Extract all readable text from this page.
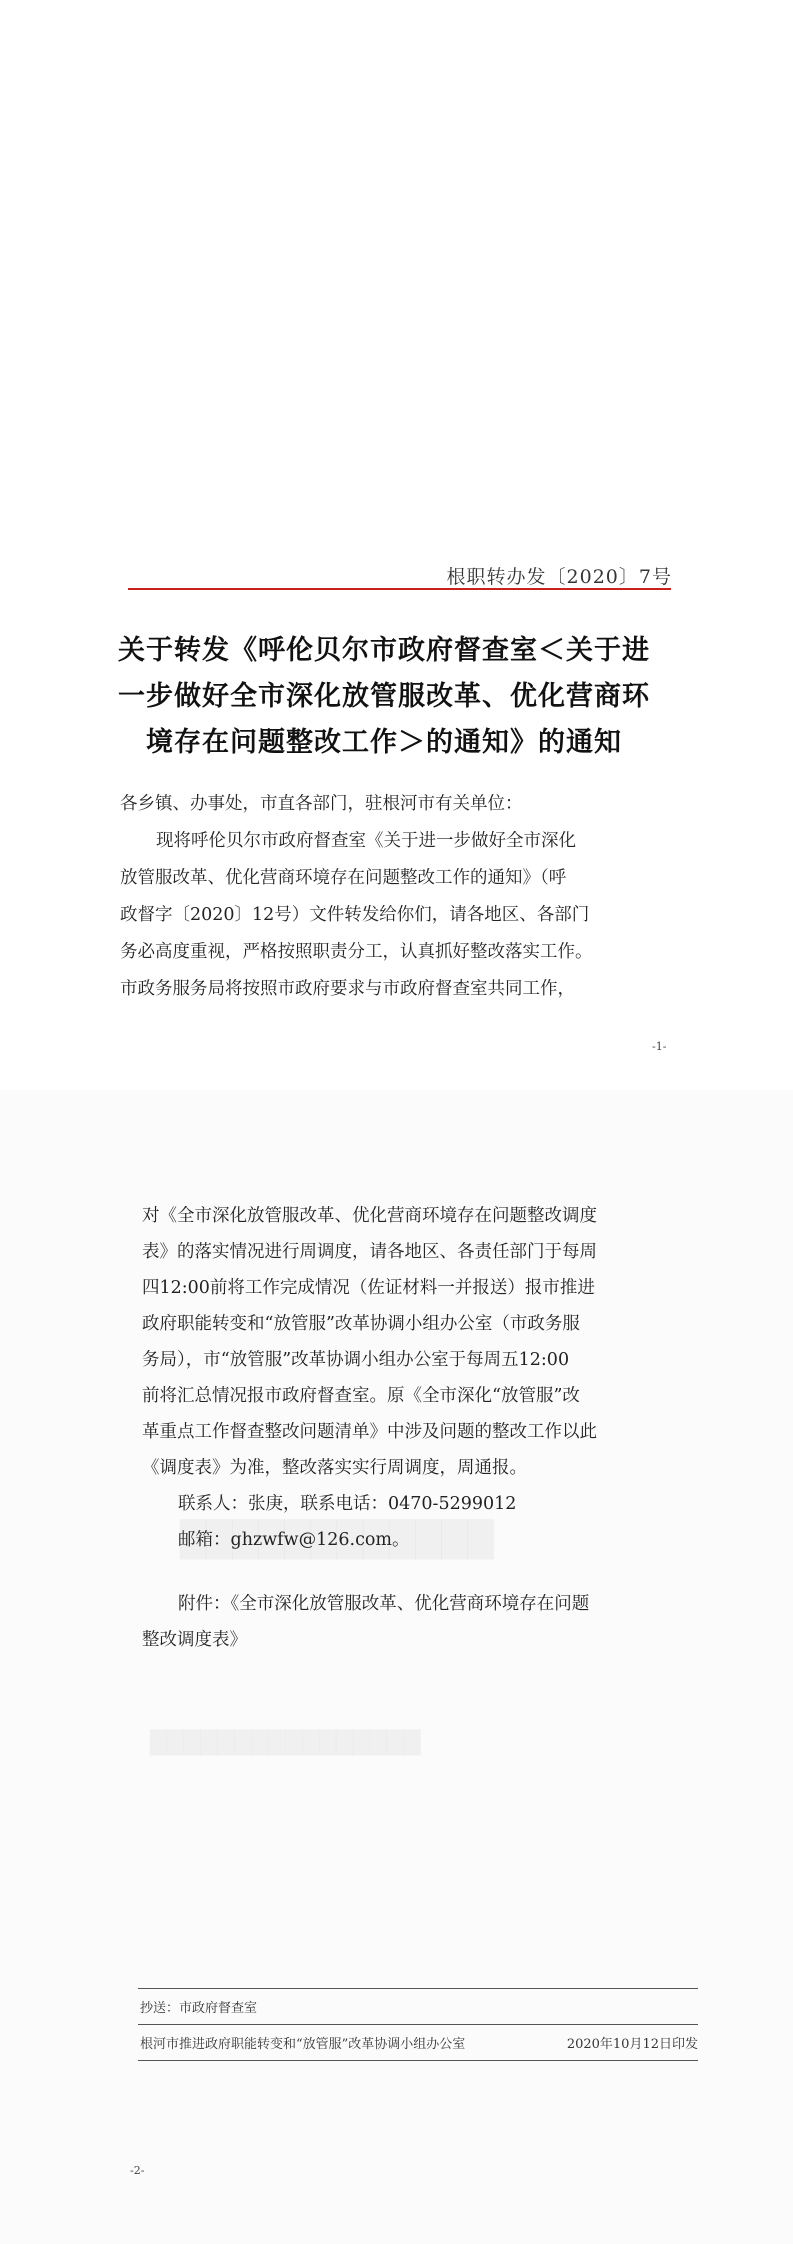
根职转办发〔2020〕7号
关于转发《呼伦贝尔市政府督查室＜关于进
一步做好全市深化放管服改革、优化营商环
境存在问题整改工作＞的通知》的通知

各乡镇、办事处，市直各部门，驻根河市有关单位：

现将呼伦贝尔市政府督查室《关于进一步做好全市深化

放管服改革、优化营商环境存在问题整改工作的通知》（呼

政督字〔2020〕12号）文件转发给你们，请各地区、各部门

务必高度重视，严格按照职责分工，认真抓好整改落实工作。

市政务服务局将按照市政府要求与市政府督查室共同工作，

-1-

对《全市深化放管服改革、优化营商环境存在问题整改调度

表》的落实情况进行周调度，请各地区、各责任部门于每周

四12:00前将工作完成情况（佐证材料一并报送）报市推进

政府职能转变和“放管服”改革协调小组办公室（市政务服

务局），市“放管服”改革协调小组办公室于每周五12:00

前将汇总情况报市政府督查室。原《全市深化“放管服”改

革重点工作督查整改问题清单》中涉及问题的整改工作以此

《调度表》为准，整改落实实行周调度，周通报。

联系人：张庚，联系电话：0470-5299012

邮箱：ghzwfw@126.com。

附件：《全市深化放管服改革、优化营商环境存在问题

整改调度表》

抄送：市政府督查室
根河市推进政府职能转变和“放管服”改革协调小组办公室	2020年10月12日印发
-2-
